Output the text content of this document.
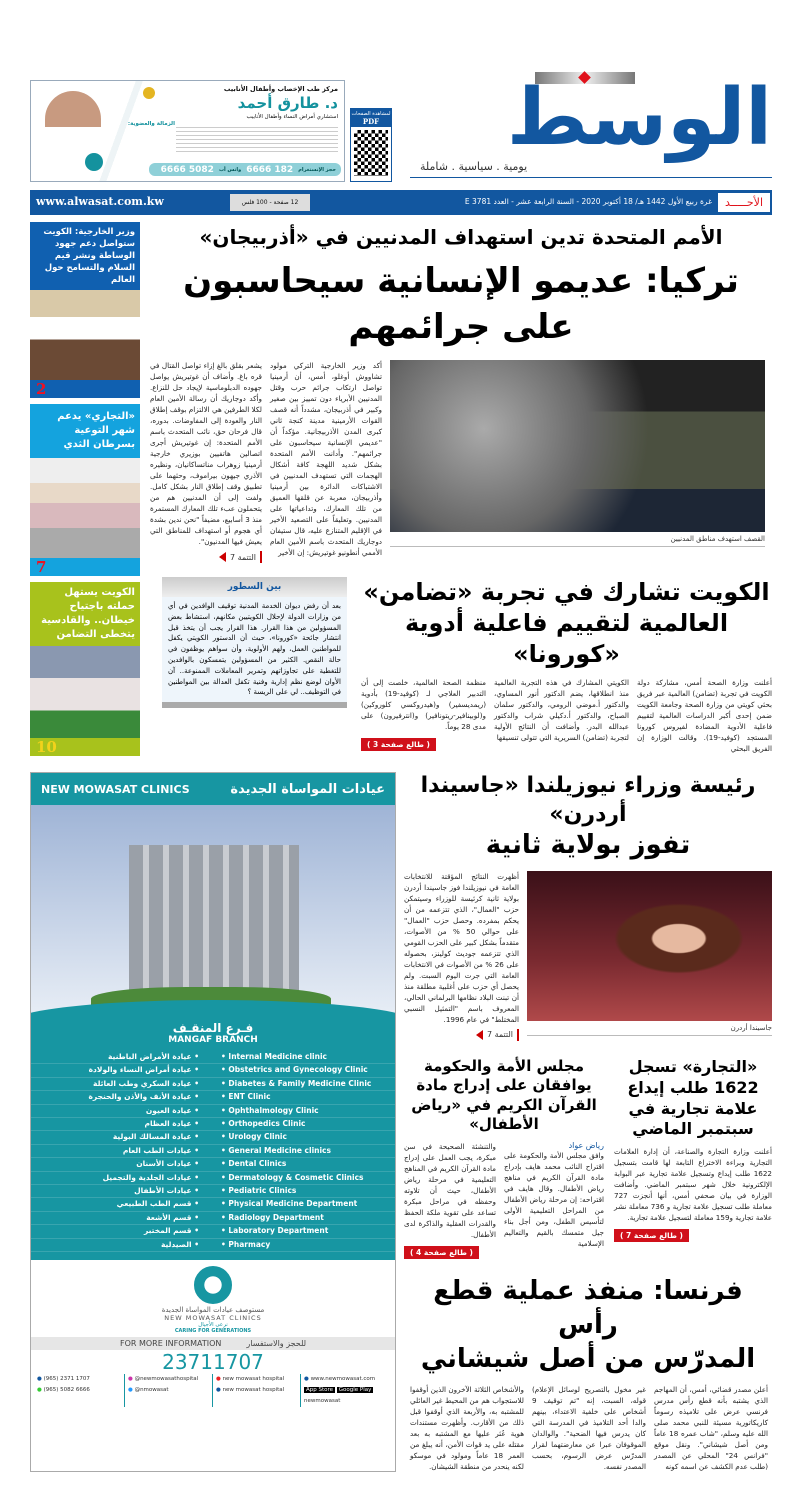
مركز طب الإخصاب وأطفال الأنابيب
د. طارق أحمد
استشاري أمراض النساء وأطفال الأنابيب
الزمالة والعضوية:
حجز الإنستغرام
182 6666
واتس أب
5082 6666
لمشاهدة الصفحات
PDF	الوسط
يومية . سياسية . شاملة
الأحـــــد
غرة ربيع الأول 1442 هـ/ 18 أكتوبر 2020 - السنة الرابعة عشر - العدد E 3781
12 صفحة - 100 فلس
www.alwasat.com.kw
وزير الخارجية: الكويت ستواصل دعم جهود الوساطة ونشر قيم السلام والتسامح حول العالم
2
«التجاري» يدعم شهر التوعية بسرطان الثدي
7
الكويت يستهل حملته باجتياح خيطان.. والقادسية يتخطى التضامن
10
الأمم المتحدة تدين استهداف المدنيين في «أذربيجان»
تركيا: عديمو الإنسانية سيحاسبون على جرائمهم
يشعر بقلق بالغ إزاء تواصل القتال في قره باغ. وأضاف أن غوتيريش يواصل جهوده الدبلوماسية لإيجاد حل للنزاع. وأكد دوجاريك أن رسالة الأمين العام لكلا الطرفين هي الالتزام بوقف إطلاق النار والعودة إلى المفاوضات. بدوره، قال فرحان حق، نائب المتحدث باسم الأمم المتحدة: إن غوتيريش أجرى اتصالين هاتفيين بوزيري خارجية أرمينيا زوهراب مناتساكانيان، ونظيره الأذري جيهون بيراموف، وحثهما على تطبيق وقف إطلاق النار بشكل كامل. ولفت إلى أن المدنيين هم من يتحملون عبء تلك المعارك المستمرة منذ 3 أسابيع، مضيفاً "نحن ندين بشدة أي هجوم أو استهداف للمناطق التي يعيش فيها المدنيون".
التتمة 7
أكد وزير الخارجية التركي مولود تشاووش أوغلو، أمس، أن أرمينيا تواصل ارتكاب جرائم حرب وقتل المدنيين الأبرياء دون تمييز بين صغير وكبير في أذربيجان، مشدداً أنه قصف القوات الأرمينية مدينة كنجة ثاني كبرى المدن الأذربيجانية. مؤكداً أن "عديمي الإنسانية سيحاسبون على جرائمهم". وأدانت الأمم المتحدة بشكل شديد اللهجة كافة أشكال الهجمات التي تستهدف المدنيين في الاشتباكات الدائرة بين أرمينيا وأذربيجان، معربة عن قلقها العميق من تلك المعارك، وتداعياتها على المدنيين. وتعليقاً على التصعيد الأخير في الإقليم المتنازع عليه، قال ستيفان دوجاريك المتحدث باسم الأمين العام الأممي أنطونيو غوتيريش: إن الأخير
القصف استهدف مناطق المدنيين
بين السطور
بعد أن رفض ديوان الخدمة المدنية توقيف الوافدين في أي من وزارات الدولة لإحلال الكويتيين مكانهم، استشاط بعض المسؤولين من هذا القرار. هذا القرار يجب أن يتخذ قبل انتشار جائحة «كورونا»، حيث أن الدستور الكويتي يكفل للمواطنين العمل، ولهم الأولوية، وأن سواهم يوظفون في حالة النقص. الكثير من المسؤولين يتمسكون بالوافدين للتغطية على تجاوزاتهم وتمرير المعاملات الممنوعة.. آن الأوان لوضع نظم إدارية وفنية تكفل العدالة بين المواطنين في التوظيف.. لي على الريسة ؟
الكويت تشارك في تجربة «تضامن»
العالمية لتقييم فاعلية أدوية «كورونا»
منظمة الصحة العالمية، خلصت إلى أن التدبير العلاجي لـ (كوفيد-19) بأدوية (ريمديسفير) و(هيدروكسي كلوروكين) و(لوبينافير-ريتونافير) و(انترفيرون) على مدى 28 يوماً.
( طالع صفحة 3 )
الكويتي المشارك في هذه التجربة العالمية منذ انطلاقها، يضم الدكتور أنور المساوي، والدكتور أ.موضي الرومي، والدكتور سلمان الصباح، والدكتور أ.دكيلي شراب والدكتور عبدالله البدر. وأضافت أن النتائج الأولية لتجربة (تضامن) السريرية التي تتولى تنسيقها
أعلنت وزارة الصحة أمس، مشاركة دولة الكويت في تجربة (تضامن) العالمية عبر فريق بحثي كويتي من وزارة الصحة وجامعة الكويت ضمن إحدى أكبر الدراسات العالمية لتقييم فاعلية الأدوية المضادة لفيروس كورونا المستجد (كوفيد-19). وقالت الوزارة إن الفريق البحثي
NEW MOWASAT CLINICS	عيادات المواساة الجديدة
فـرع المنقـف
MANGAF BRANCH
• عيادة الأمراض الباطنية	• Internal Medicine clinic
• عيادة أمراض النساء والولادة	• Obstetrics and Gynecology Clinic
• عيادة السكري وطب العائلة	• Diabetes & Family Medicine Clinic
• عيادة الأنف والأذن والحنجرة	• ENT Clinic
• عيادة العيون	• Ophthalmology Clinic
• عيادة العظام	• Orthopedics Clinic
• عيادة المسالك البولية	• Urology Clinic
• عيادات الطب العام	• General Medicine clinics
• عيادات الأسنان	• Dental Clinics
• عيادات الجلدية والتجميل	• Dermatology & Cosmetic Clinics
• عيادات الأطفال	• Pediatric Clinics
• قسم الطب الطبيعي	• Physical Medicine Department
• قسم الأشعة	• Radiology Department
• قسم المختبر	• Laboratory Department
• الصيدلية	• Pharmacy
مستوصف عيادات المواساة الجديدة
NEW MOWASAT CLINICS
نرعى الأجيال
CARING FOR GENERATIONS
FOR MORE INFORMATION	للحجز والاستفسار
23711707
● (965) 2371 1707
● (965) 5082 6666
● @newmowasathospital
● @nmowasat
● new mowasat hospital
● new mowasat hospital
● www.newmowasat.com
App Store Google Play
newmowasat
رئيسة وزراء نيوزيلندا «جاسيندا أردرن»
تفوز بولاية ثانية
أظهرت النتائج المؤقتة للانتخابات العامة في نيوزيلندا فوز جاسيندا أردرن بولاية ثانية كرئيسة للوزراء وسيتمكن حزب "العمال"، الذي تتزعمه من أن يحكم بمفرده. وحصل حزب "العمال" على حوالي 50 % من الأصوات، متقدماً بشكل كبير على الحزب القومي الذي تتزعمه جوديث كولينز، بحصوله على 26 % من الأصوات في الانتخابات العامة التي جرت اليوم السبت. ولم يحصل أي حزب على أغلبية مطلقة منذ أن تبنت البلاد نظامها البرلماني الحالي، المعروف باسم "التمثيل النسبي المختلط" في عام 1996.
التتمة 7
جاسيندا أردرن
مجلس الأمة والحكومة يوافقان على إدراج مادة القرآن الكريم في «رياض الأطفال»
والتنشئة الصحيحة في سن مبكرة، يجب العمل على إدراج مادة القرآن الكريم في المناهج التعليمية في مرحلة رياض الأطفال، حيث أن تلاوته وحفظه في مراحل مبكرة تساعد على تقوية ملكة الحفظ والقدرات العقلية والذاكرة لدى الأطفال.
( طالع صفحة 4 )
رياض عواد
وافق مجلس الأمة والحكومة على اقتراح النائب محمد هايف بإدراج مادة القرآن الكريم في مناهج رياض الأطفال. وقال هايف في اقتراحه: إن مرحلة رياض الأطفال من المراحل التعليمية الأولى لتأسيس الطفل، ومن أجل بناء جيل متمسك بالقيم والتعاليم الإسلامية
«التجارة» تسجل 1622 طلب إيداع علامة تجارية في سبتمبر الماضي
أعلنت وزارة التجارة والصناعة، أن إدارة العلامات التجارية وبراءة الاختراع التابعة لها قامت بتسجيل 1622 طلب إيداع وتسجيل علامة تجارية عبر البوابة الإلكترونية خلال شهر سبتمبر الماضي. وأضافت الوزارة في بيان صحفي أمس، أنها أنجزت 727 معاملة طلب تسجيل علامة تجارية و 736 معاملة نشر علامة تجارية و159 معاملة لتسجيل علامة تجارية.
( طالع صفحة 7 )
فرنسا: منفذ عملية قطع رأس
المدرّس من أصل شيشاني
والأشخاص الثلاثة الآخرون الذين أوقفوا للاستجواب هم من المحيط غير العائلي للمشتبه به، والأربعة الذي أوقفوا قبل ذلك من الأقارب. وأظهرت مستندات هوية عُثر عليها مع المشتبه به بعد مقتله على يد قوات الأمن، أنه يبلغ من العمر 18 عاماً ومولود في موسكو لكنه ينحدر من منطقة الشيشان.
غير مخول بالتصريح لوسائل الإعلام) قوله، السبت، إنه "تم توقيف 9 أشخاص على خلفية الاعتداء، بينهم والدا أحد التلاميذ في المدرسة التي كان يدرس فيها الضحية". والوالدان الموقوفان عبرا عن معارضتهما لقرار المدرّس عرض الرسوم، بحسب المصدر نفسه.
أعلن مصدر قضائي، أمس، أن المهاجم الذي يشتبه بأنه قطع رأس مدرس فرنسي عرض على تلاميذه رسوماً كاريكاتورية مسيئة للنبي محمد صلى الله عليه وسلم، "شاب عمره 18 عاماً ومن أصل شيشاني". ونقل موقع "فرانس 24" المحلي عن المصدر (طلب عدم الكشف عن اسمه كونه
